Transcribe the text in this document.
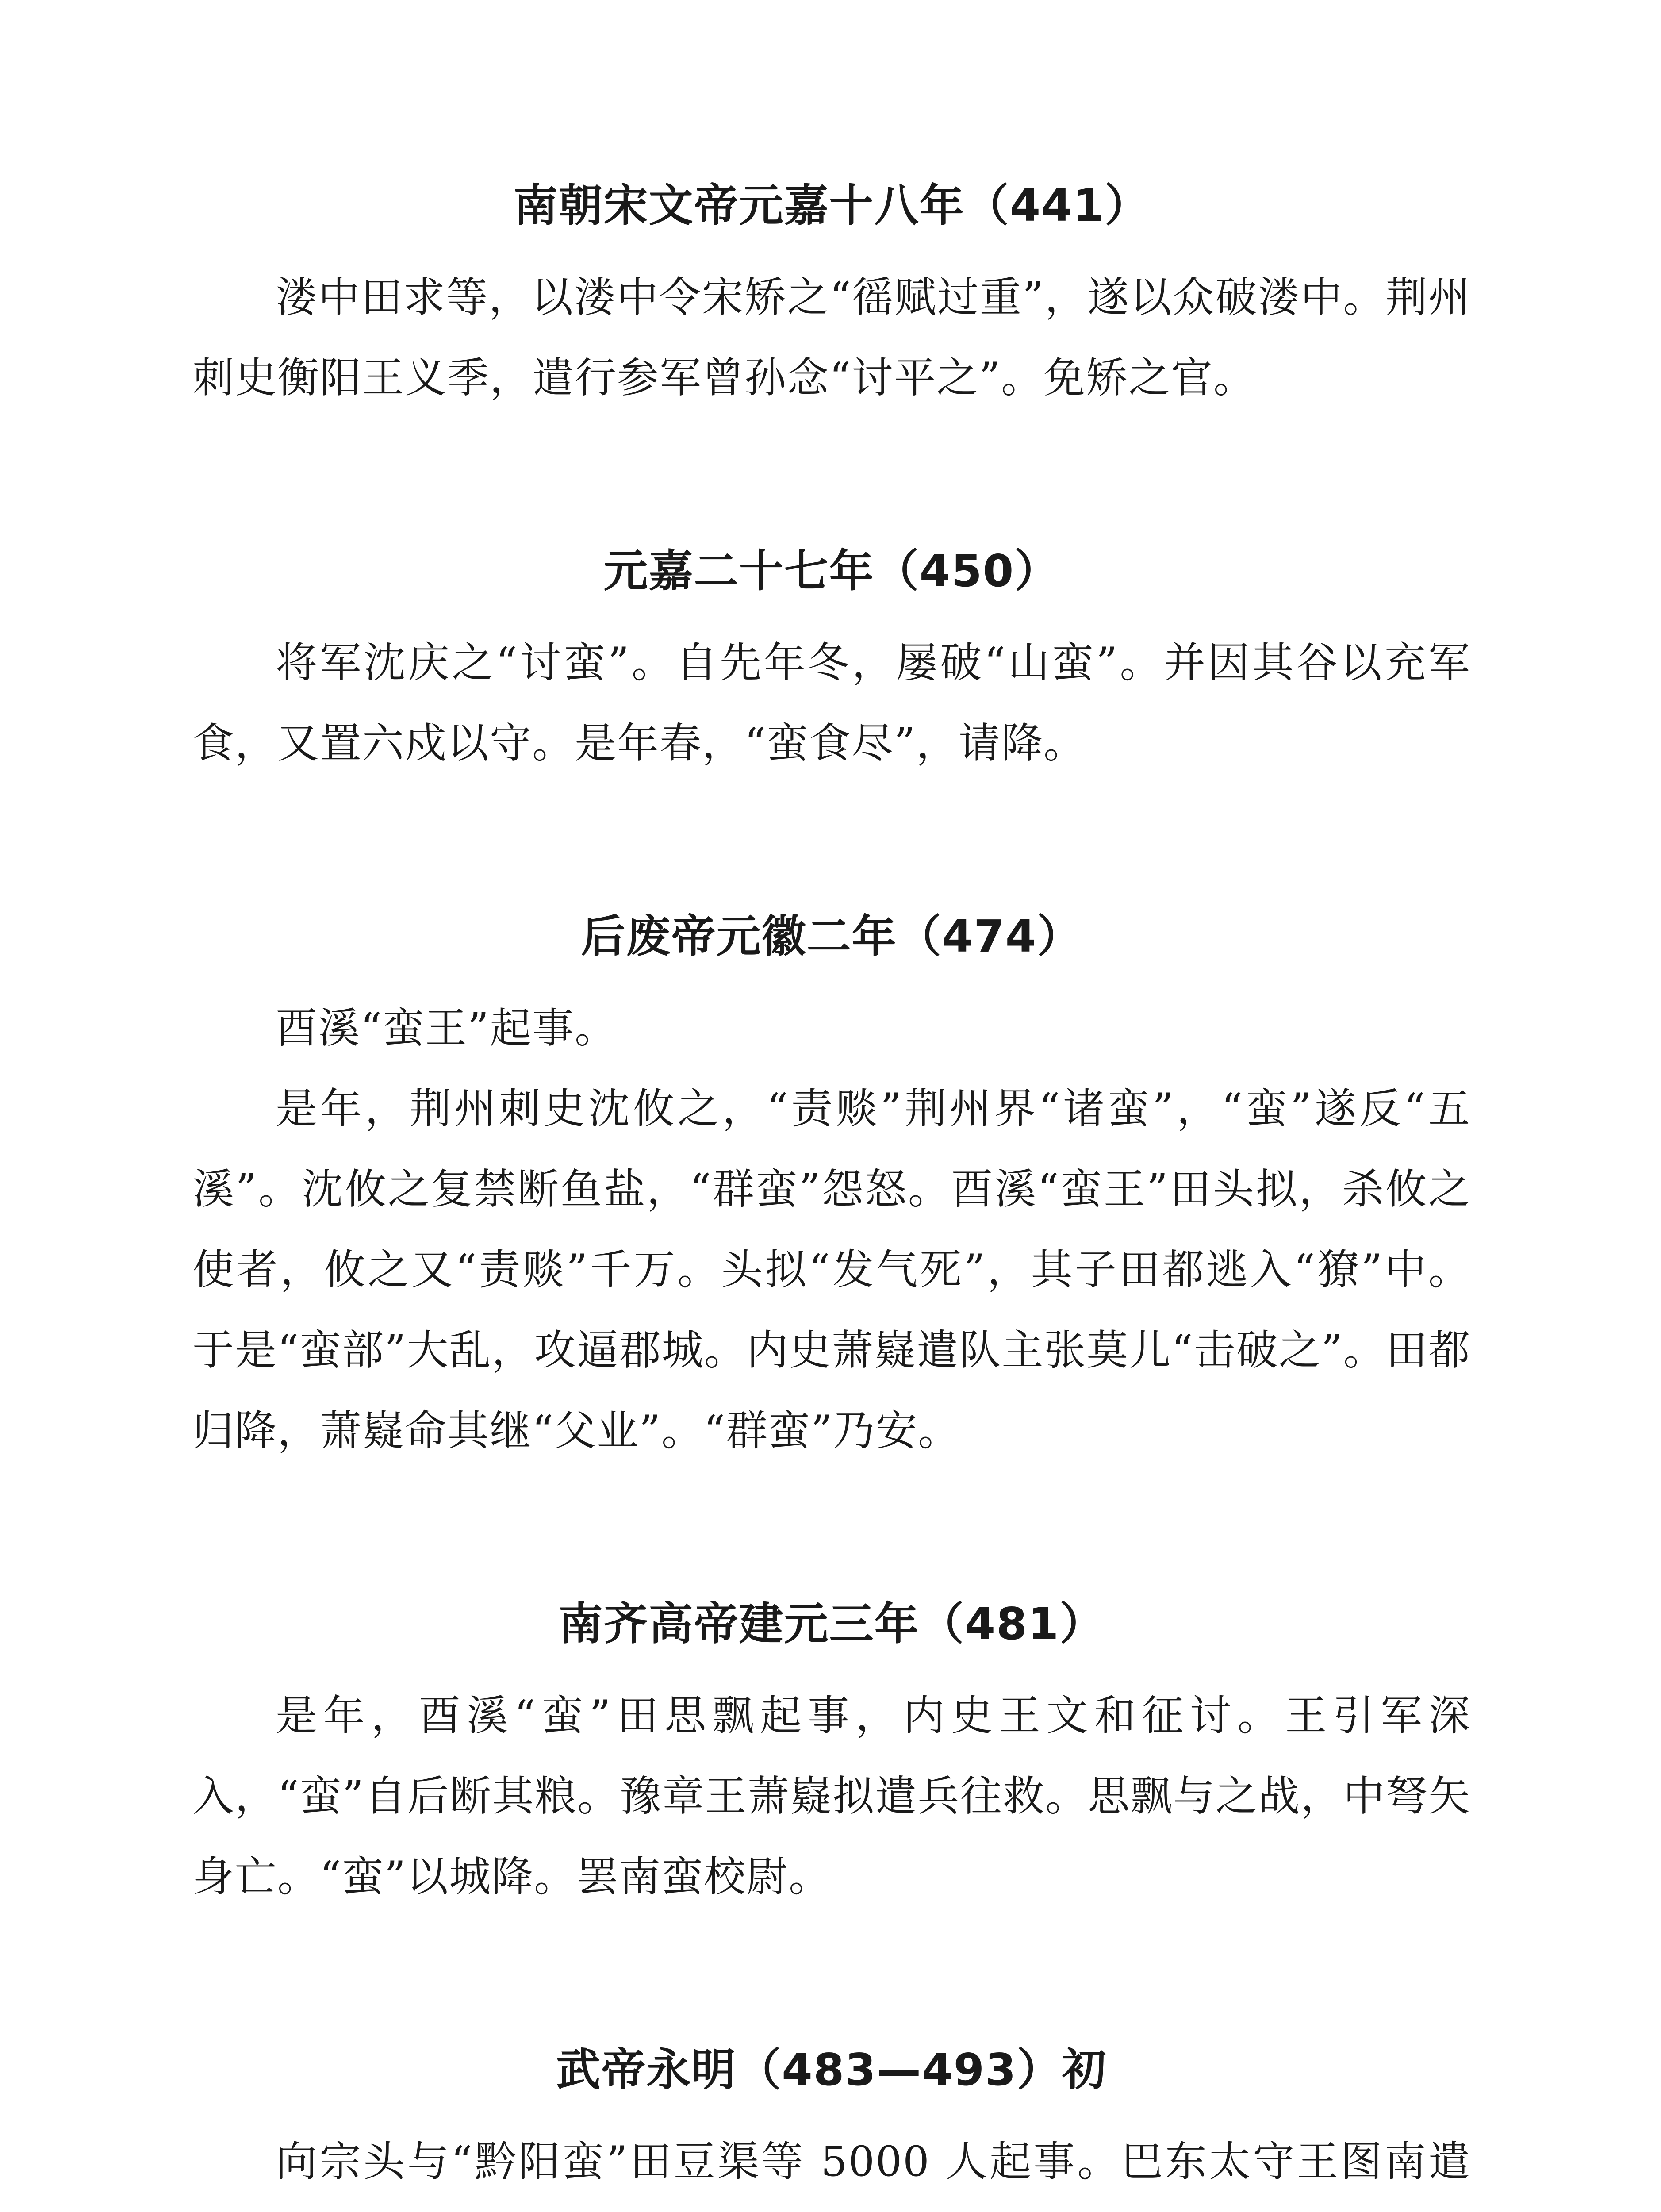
南朝宋文帝元嘉十八年（441）

溇中田求等，以溇中令宋矫之“徭赋过重”，遂以众破溇中。荆州刺史衡阳王义季，遣行参军曾孙念“讨平之”。免矫之官。

元嘉二十七年（450）

将军沈庆之“讨蛮”。自先年冬，屡破“山蛮”。并因其谷以充军食，又置六戍以守。是年春，“蛮食尽”，请降。

后废帝元徽二年（474）

酉溪“蛮王”起事。

是年，荆州刺史沈攸之，“责赕”荆州界“诸蛮”，“蛮”遂反“五溪”。沈攸之复禁断鱼盐，“群蛮”怨怒。酉溪“蛮王”田头拟，杀攸之使者，攸之又“责赕”千万。头拟“发气死”，其子田都逃入“獠”中。于是“蛮部”大乱，攻逼郡城。内史萧嶷遣队主张莫儿“击破之”。田都归降，萧嶷命其继“父业”。“群蛮”乃安。

南齐高帝建元三年（481）

是年，酉溪“蛮”田思飘起事，内史王文和征讨。王引军深入，“蛮”自后断其粮。豫章王萧嶷拟遣兵往救。思飘与之战，中弩矢身亡。“蛮”以城降。罢南蛮校尉。

武帝永明（483—493）初

向宗头与“黔阳蛮”田豆渠等 5000 人起事。巴东太守王图南遣
